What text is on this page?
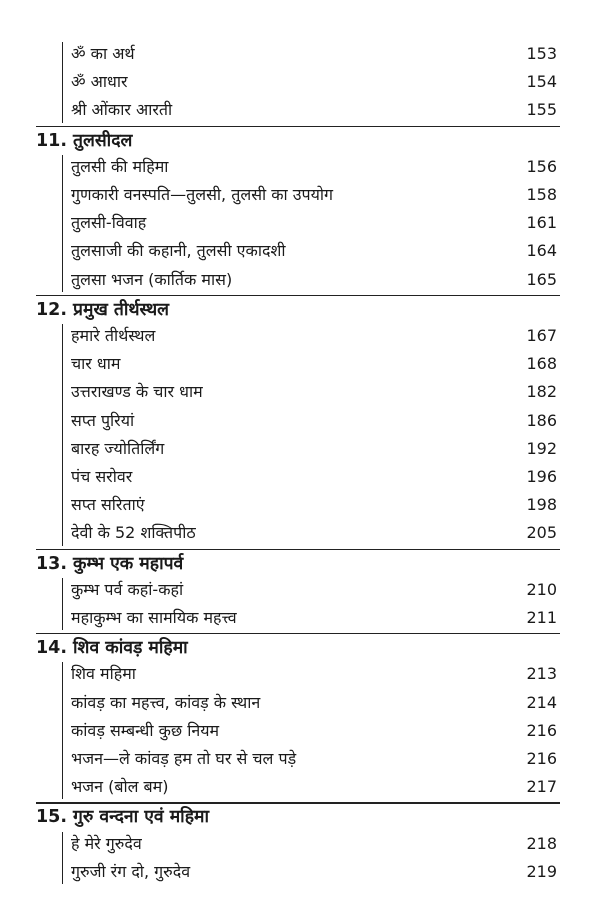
ॐ का अर्थ	153
ॐ आधार	154
श्री ओंकार आरती	155
11. तुलसीदल
तुलसी की महिमा	156
गुणकारी वनस्पति—तुलसी, तुलसी का उपयोग	158
तुलसी-विवाह	161
तुलसाजी की कहानी, तुलसी एकादशी	164
तुलसा भजन (कार्तिक मास)	165
12. प्रमुख तीर्थस्थल
हमारे तीर्थस्थल	167
चार धाम	168
उत्तराखण्ड के चार धाम	182
सप्त पुरियां	186
बारह ज्योतिर्लिंग	192
पंच सरोवर	196
सप्त सरिताएं	198
देवी के 52 शक्तिपीठ	205
13. कुम्भ एक महापर्व
कुम्भ पर्व कहां-कहां	210
महाकुम्भ का सामयिक महत्त्व	211
14. शिव कांवड़ महिमा
शिव महिमा	213
कांवड़ का महत्त्व, कांवड़ के स्थान	214
कांवड़ सम्बन्धी कुछ नियम	216
भजन—ले कांवड़ हम तो घर से चल पड़े	216
भजन (बोल बम)	217
15. गुरु वन्दना एवं महिमा
हे मेरे गुरुदेव	218
गुरुजी रंग दो, गुरुदेव	219
